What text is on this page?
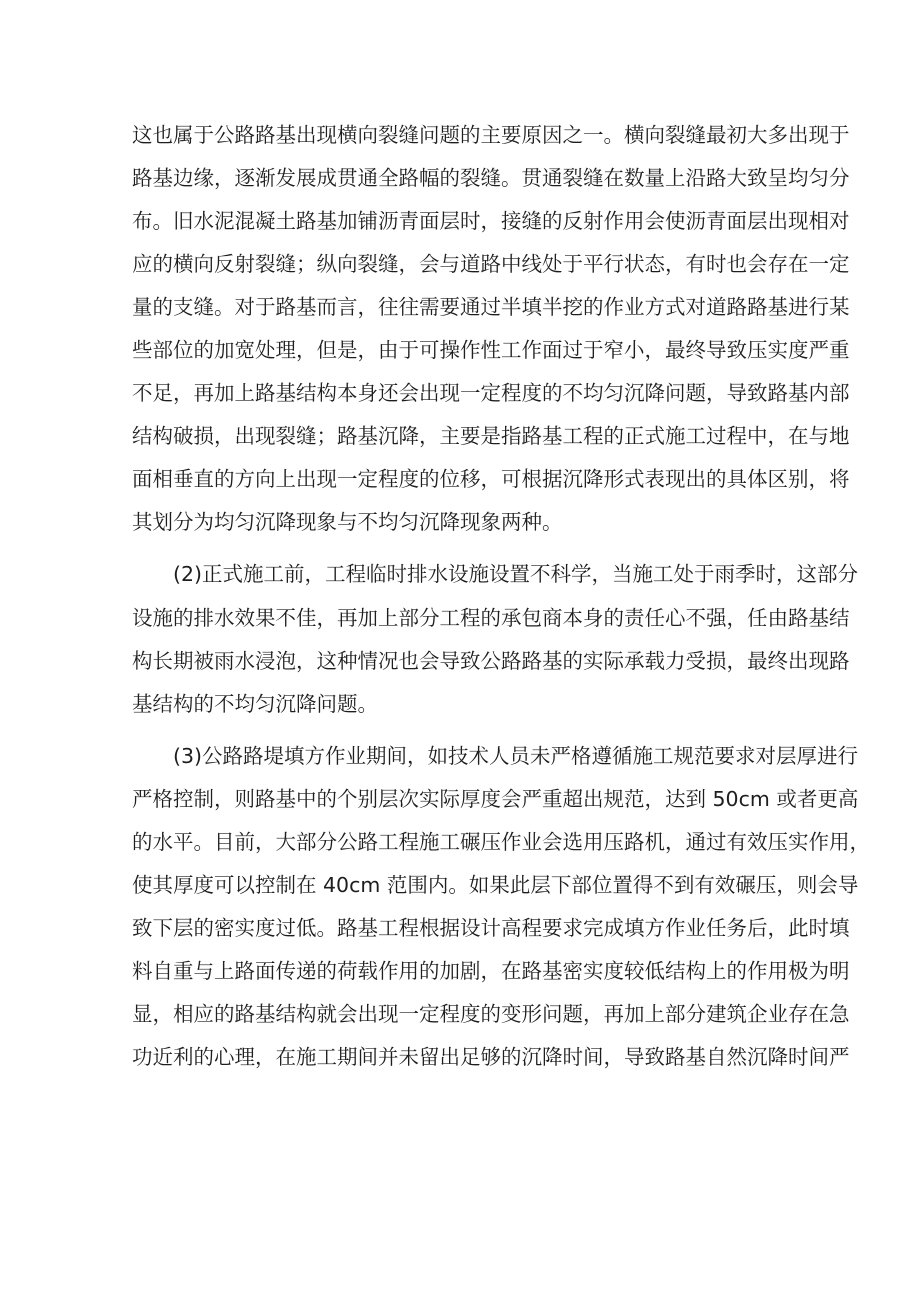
这也属于公路路基出现横向裂缝问题的主要原因之一。横向裂缝最初大多出现于
路基边缘，逐渐发展成贯通全路幅的裂缝。贯通裂缝在数量上沿路大致呈均匀分
布。旧水泥混凝土路基加铺沥青面层时，接缝的反射作用会使沥青面层出现相对
应的横向反射裂缝；纵向裂缝，会与道路中线处于平行状态，有时也会存在一定
量的支缝。对于路基而言，往往需要通过半填半挖的作业方式对道路路基进行某
些部位的加宽处理，但是，由于可操作性工作面过于窄小，最终导致压实度严重
不足，再加上路基结构本身还会出现一定程度的不均匀沉降问题，导致路基内部
结构破损，出现裂缝；路基沉降，主要是指路基工程的正式施工过程中，在与地
面相垂直的方向上出现一定程度的位移，可根据沉降形式表现出的具体区别，将
其划分为均匀沉降现象与不均匀沉降现象两种。
(2)正式施工前，工程临时排水设施设置不科学，当施工处于雨季时，这部分
设施的排水效果不佳，再加上部分工程的承包商本身的责任心不强，任由路基结
构长期被雨水浸泡，这种情况也会导致公路路基的实际承载力受损，最终出现路
基结构的不均匀沉降问题。
(3)公路路堤填方作业期间，如技术人员未严格遵循施工规范要求对层厚进行
严格控制，则路基中的个别层次实际厚度会严重超出规范，达到 50cm 或者更高
的水平。目前，大部分公路工程施工碾压作业会选用压路机，通过有效压实作用，
使其厚度可以控制在 40cm 范围内。如果此层下部位置得不到有效碾压，则会导
致下层的密实度过低。路基工程根据设计高程要求完成填方作业任务后，此时填
料自重与上路面传递的荷载作用的加剧，在路基密实度较低结构上的作用极为明
显，相应的路基结构就会出现一定程度的变形问题，再加上部分建筑企业存在急
功近利的心理，在施工期间并未留出足够的沉降时间，导致路基自然沉降时间严
